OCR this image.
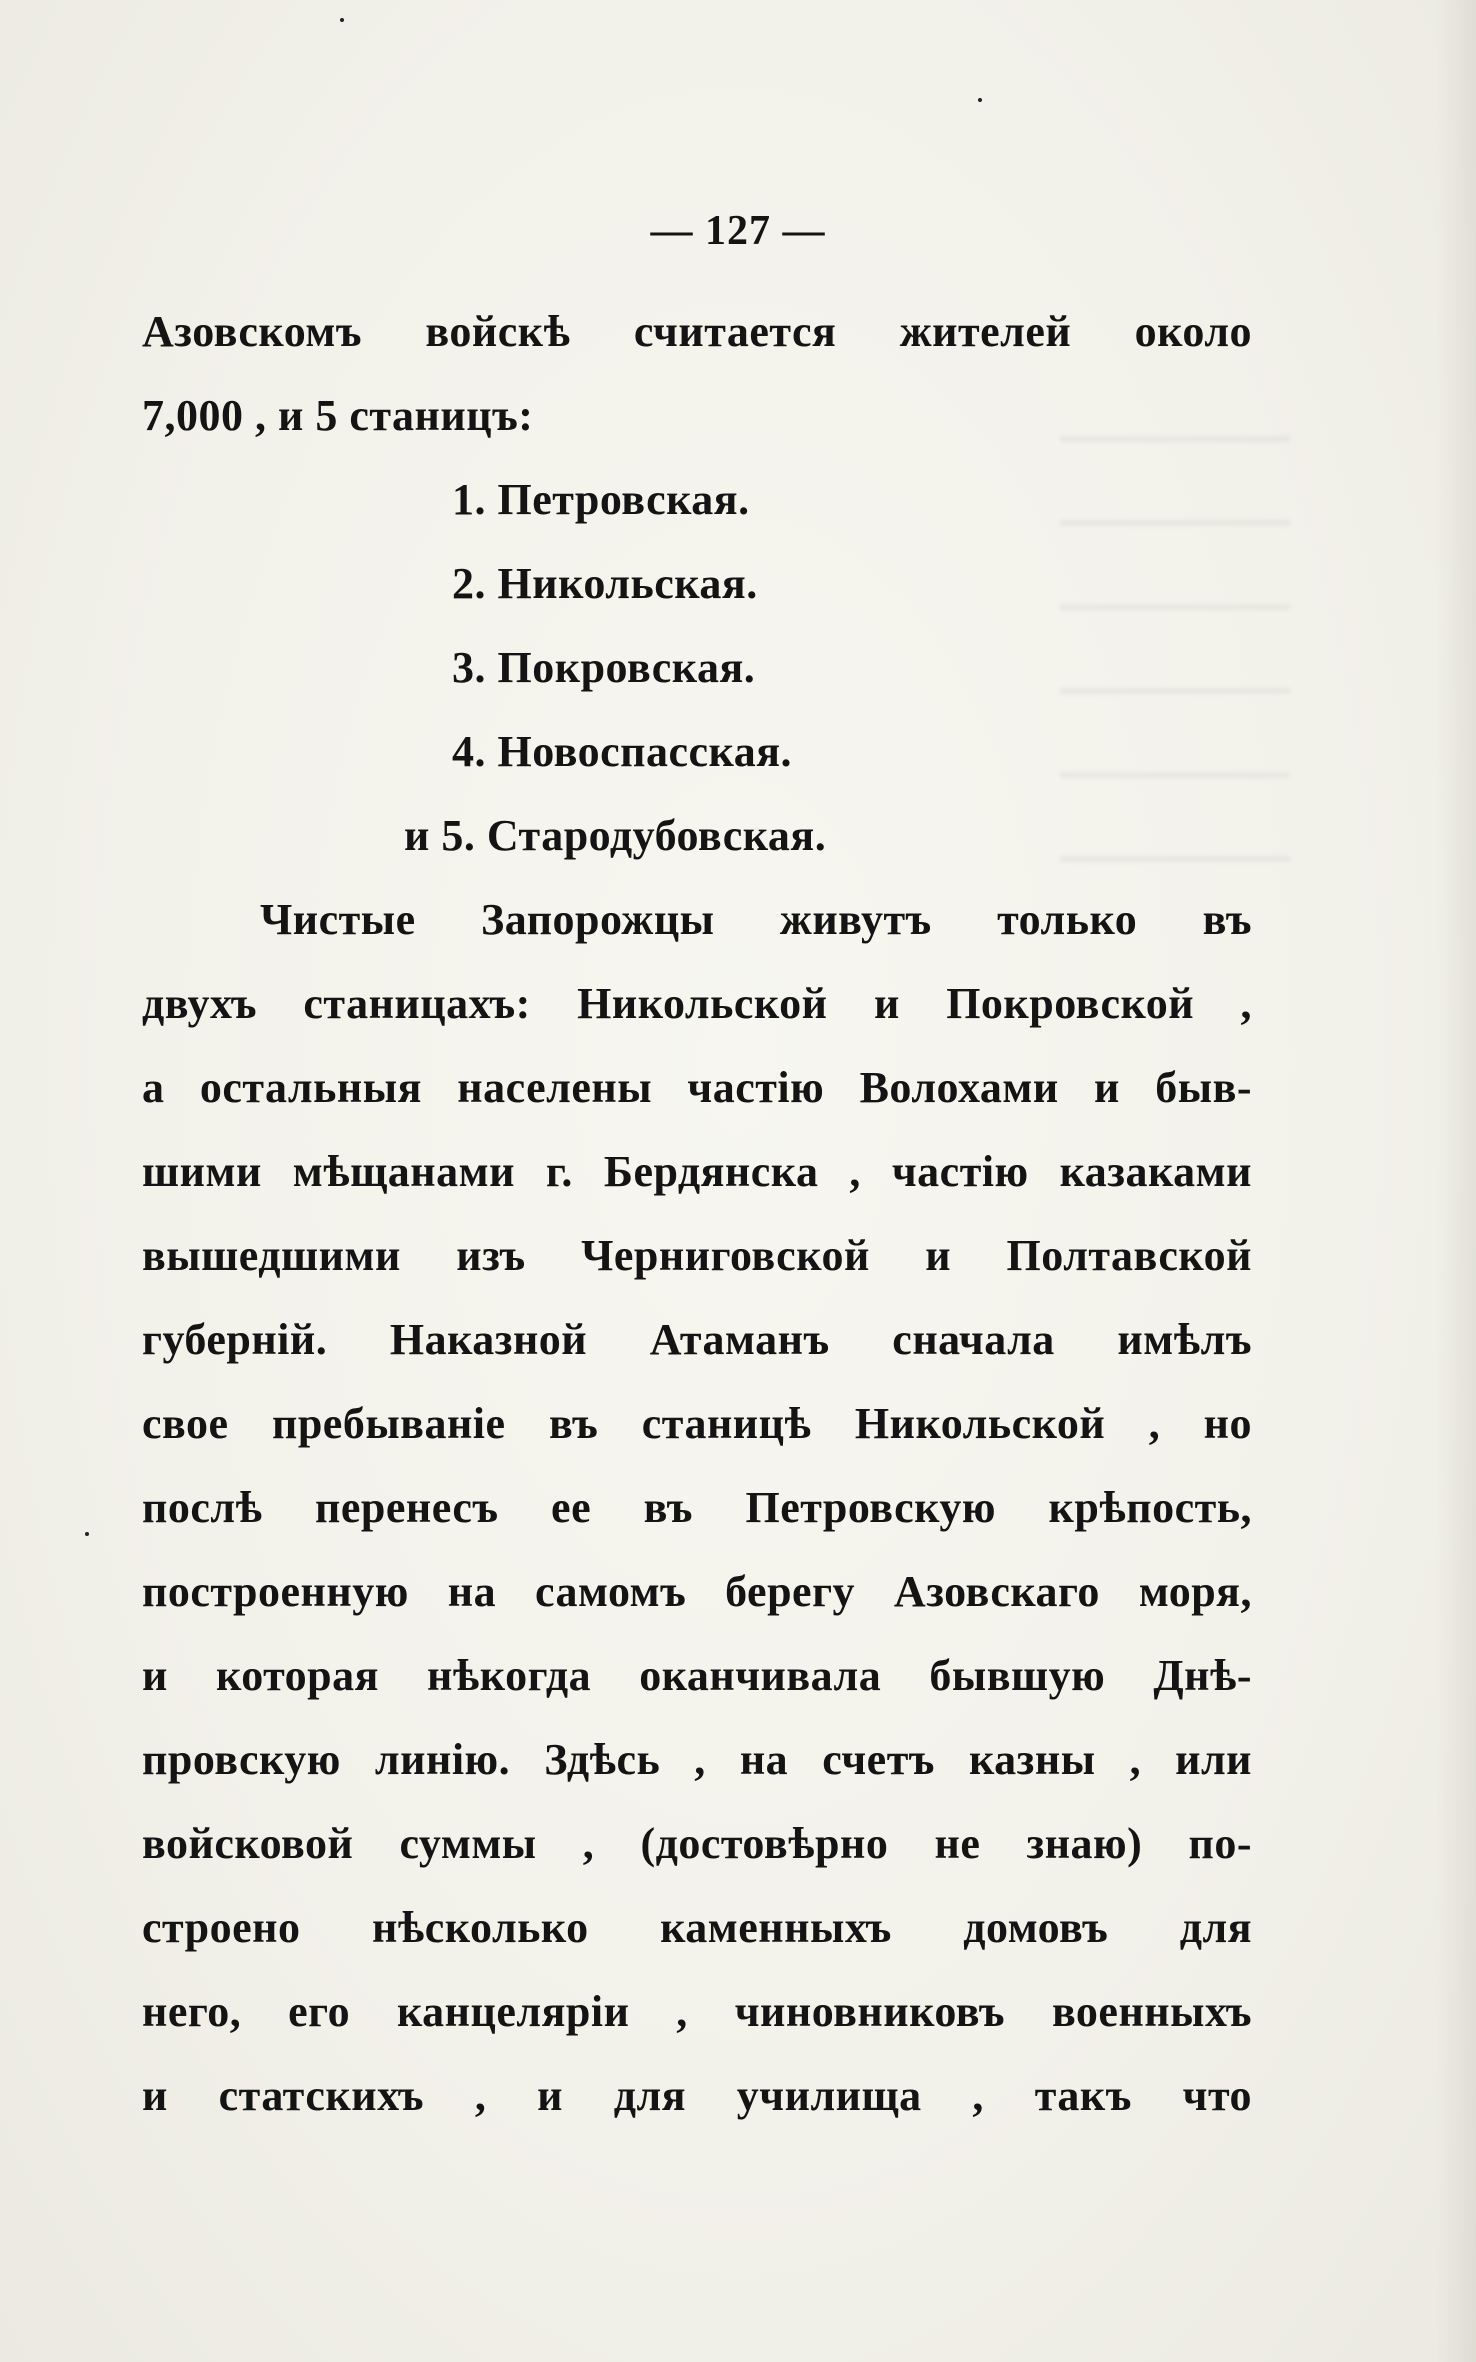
— 127 —
Азовскомъ войскѣ считается жителей около
7,000 , и 5 станицъ:
1. Петровская.
2. Никольская.
3. Покровская.
4. Новоспасская.
и 5. Стародубовская.
Чистые Запорожцы живутъ только въ
двухъ станицахъ: Никольской и Покровской ,
а остальныя населены частію Волохами и быв-
шими мѣщанами г. Бердянска , частію казаками
вышедшими изъ Черниговской и Полтавской
губерній. Наказной Атаманъ сначала имѣлъ
свое пребываніе въ станицѣ Никольской , но
послѣ перенесъ ее въ Петровскую крѣпость,
построенную на самомъ берегу Азовскаго моря,
и которая нѣкогда оканчивала бывшую Днѣ-
провскую линію. Здѣсь , на счетъ казны , или
войсковой суммы , (достовѣрно не знаю) по-
строено нѣсколько каменныхъ домовъ для
него, его канцеляріи , чиновниковъ военныхъ
и статскихъ , и для училища , такъ что
